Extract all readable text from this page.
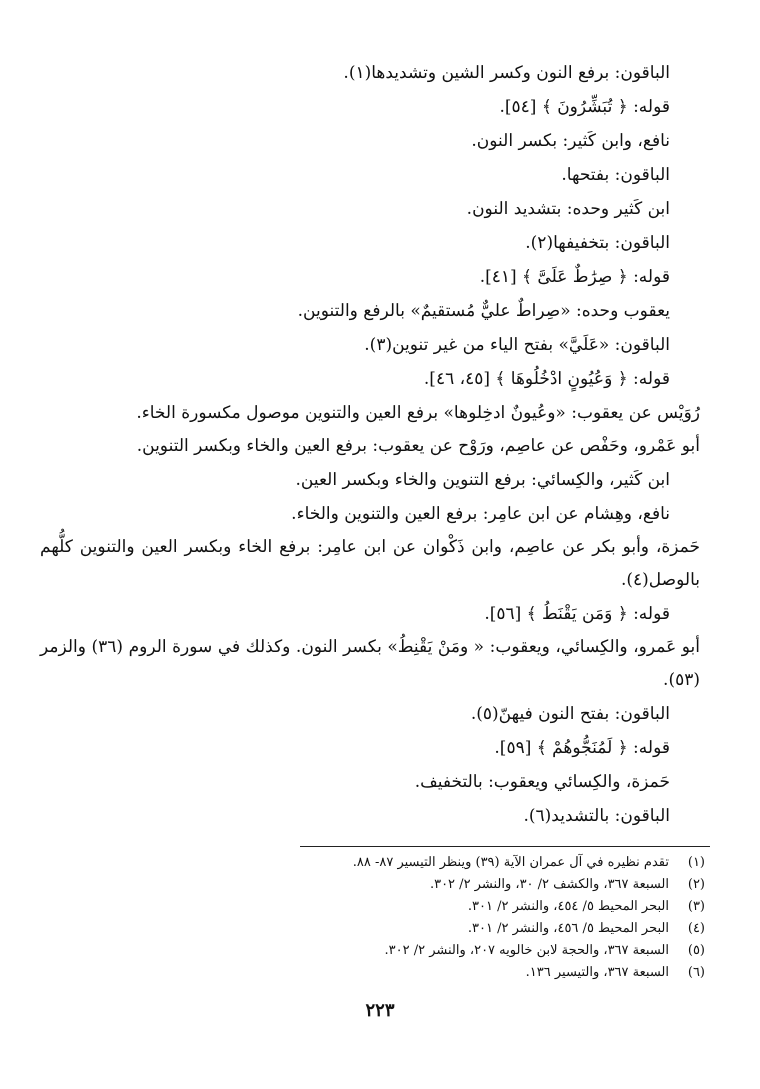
الباقون: برفع النون وكسر الشين وتشديدها(١).
قوله: ﴿ تُبَشِّرُونَ ﴾ [٥٤].
نافع، وابن كَثير: بكسر النون.
الباقون: بفتحها.
ابن كَثير وحده: بتشديد النون.
الباقون: بتخفيفها(٢).
قوله: ﴿ صِرَٰطٌ عَلَىَّ ﴾ [٤١].
يعقوب وحده: «صِراطٌ عليٌّ مُستقيمٌ» بالرفع والتنوين.
الباقون: «عَلَيَّ» بفتح الياء من غير تنوين(٣).
قوله: ﴿ وَعُيُونٍ ادْخُلُوهَا ﴾ [٤٥، ٤٦].
رُوَيْس عن يعقوب: «وعُيونٌ ادخِلوها» برفع العين والتنوين موصول مكسورة الخاء.
أبو عَمْرو، وحَفْص عن عاصِم، ورَوْح عن يعقوب: برفع العين والخاء وبكسر التنوين.
ابن كَثير، والكِسائي: برفع التنوين والخاء وبكسر العين.
نافع، وهِشام عن ابن عامِر: برفع العين والتنوين والخاء.
حَمزة، وأبو بكر عن عاصِم، وابن ذَكْوان عن ابن عامِر: برفع الخاء وبكسر العين والتنوين كلُّهم بالوصل(٤).
قوله: ﴿ وَمَن يَقْنَطُ ﴾ [٥٦].
أبو عَمرو، والكِسائي، ويعقوب: « ومَنْ يَقْنِطُ» بكسر النون. وكذلك في سورة الروم (٣٦) والزمر (٥٣).
الباقون: بفتح النون فيهنّ(٥).
قوله: ﴿ لَمُنَجُّوهُمْ ﴾ [٥٩].
حَمزة، والكِسائي ويعقوب: بالتخفيف.
الباقون: بالتشديد(٦).
(١)تقدم نظيره في آل عمران الآية (٣٩) وينظر التيسير ٨٧- ٨٨.
(٢)السبعة ٣٦٧، والكشف ٢/ ٣٠، والنشر ٢/ ٣٠٢.
(٣)البحر المحيط ٥/ ٤٥٤، والنشر ٢/ ٣٠١.
(٤)البحر المحيط ٥/ ٤٥٦، والنشر ٢/ ٣٠١.
(٥)السبعة ٣٦٧، والحجة لابن خالويه ٢٠٧، والنشر ٢/ ٣٠٢.
(٦)السبعة ٣٦٧، والتيسير ١٣٦.
٢٢٣
